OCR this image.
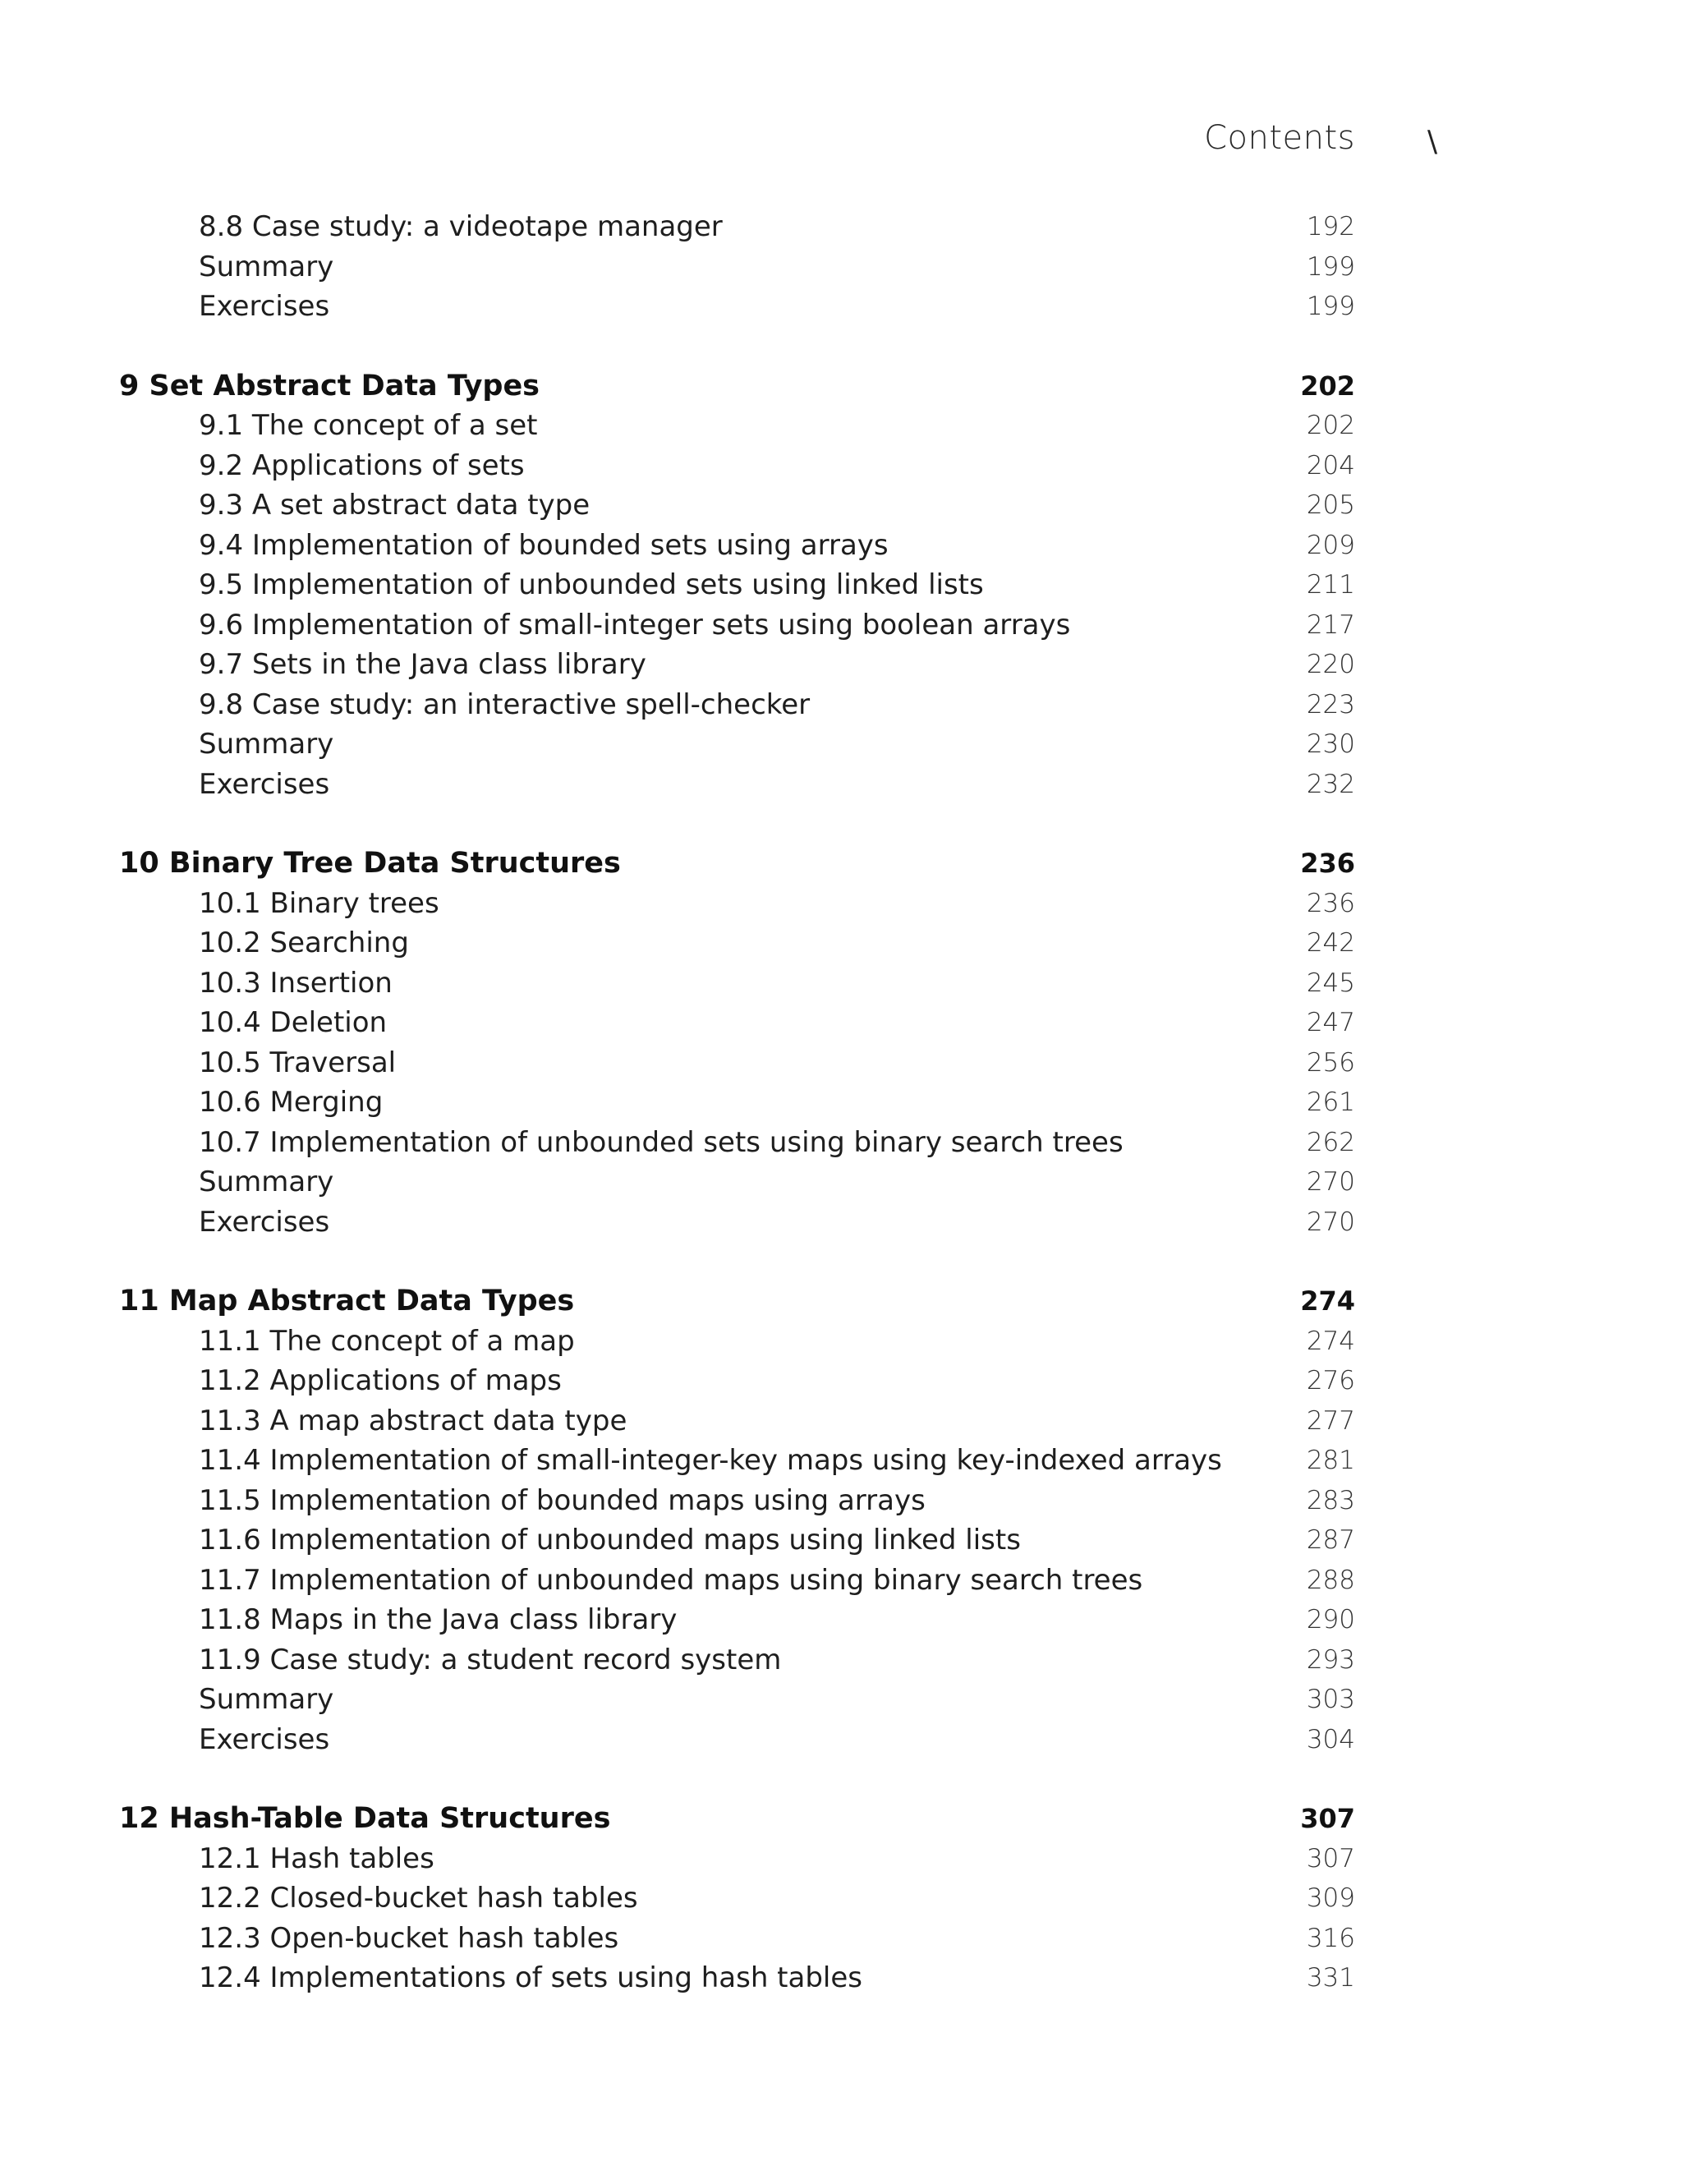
Contents \
8.8 Case study: a videotape manager	192
Summary	199
Exercises	199
9 Set Abstract Data Types	202
9.1 The concept of a set	202
9.2 Applications of sets	204
9.3 A set abstract data type	205
9.4 Implementation of bounded sets using arrays	209
9.5 Implementation of unbounded sets using linked lists	211
9.6 Implementation of small-integer sets using boolean arrays	217
9.7 Sets in the Java class library	220
9.8 Case study: an interactive spell-checker	223
Summary	230
Exercises	232
10 Binary Tree Data Structures	236
10.1 Binary trees	236
10.2 Searching	242
10.3 Insertion	245
10.4 Deletion	247
10.5 Traversal	256
10.6 Merging	261
10.7 Implementation of unbounded sets using binary search trees	262
Summary	270
Exercises	270
11 Map Abstract Data Types	274
11.1 The concept of a map	274
11.2 Applications of maps	276
11.3 A map abstract data type	277
11.4 Implementation of small-integer-key maps using key-indexed arrays	281
11.5 Implementation of bounded maps using arrays	283
11.6 Implementation of unbounded maps using linked lists	287
11.7 Implementation of unbounded maps using binary search trees	288
11.8 Maps in the Java class library	290
11.9 Case study: a student record system	293
Summary	303
Exercises	304
12 Hash-Table Data Structures	307
12.1 Hash tables	307
12.2 Closed-bucket hash tables	309
12.3 Open-bucket hash tables	316
12.4 Implementations of sets using hash tables	331
